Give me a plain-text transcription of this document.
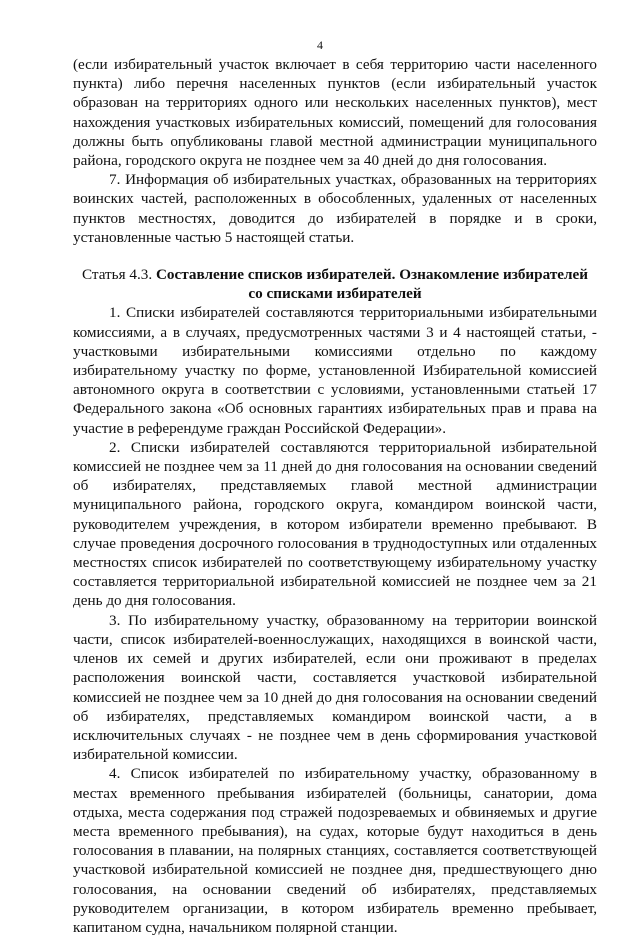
4

(если избирательный участок включает в себя территорию части населенного пункта) либо перечня населенных пунктов (если избирательный участок образован на территориях одного или нескольких населенных пунктов), мест нахождения участковых избирательных комиссий, помещений для голосования должны быть опубликованы главой местной администрации муниципального района, городского округа не позднее чем за 40 дней до дня голосования.

7. Информация об избирательных участках, образованных на территориях воинских частей, расположенных в обособленных, удаленных от населенных пунктов местностях, доводится до избирателей в порядке и в сроки, установленные частью 5 настоящей статьи.

Статья 4.3. Составление списков избирателей. Ознакомление избирателей со списками избирателей

1. Списки избирателей составляются территориальными избирательными комиссиями, а в случаях, предусмотренных частями 3 и 4 настоящей статьи, - участковыми избирательными комиссиями отдельно по каждому избирательному участку по форме, установленной Избирательной комиссией автономного округа в соответствии с условиями, установленными статьей 17 Федерального закона «Об основных гарантиях избирательных прав и права на участие в референдуме граждан Российской Федерации».

2. Списки избирателей составляются территориальной избирательной комиссией не позднее чем за 11 дней до дня голосования на основании сведений об избирателях, представляемых главой местной администрации муниципального района, городского округа, командиром воинской части, руководителем учреждения, в котором избиратели временно пребывают. В случае проведения досрочного голосования в труднодоступных или отдаленных местностях список избирателей по соответствующему избирательному участку составляется территориальной избирательной комиссией не позднее чем за 21 день до дня голосования.

3. По избирательному участку, образованному на территории воинской части, список избирателей-военнослужащих, находящихся в воинской части, членов их семей и других избирателей, если они проживают в пределах расположения воинской части, составляется участковой избирательной комиссией не позднее чем за 10 дней до дня голосования на основании сведений об избирателях, представляемых командиром воинской части, а в исключительных случаях - не позднее чем в день сформирования участковой избирательной комиссии.

4. Список избирателей по избирательному участку, образованному в местах временного пребывания избирателей (больницы, санатории, дома отдыха, места содержания под стражей подозреваемых и обвиняемых и другие места временного пребывания), на судах, которые будут находиться в день голосования в плавании, на полярных станциях, составляется соответствующей участковой избирательной комиссией не позднее дня, предшествующего дню голосования, на основании сведений об избирателях, представляемых руководителем организации, в котором избиратель временно пребывает, капитаном судна, начальником полярной станции.
